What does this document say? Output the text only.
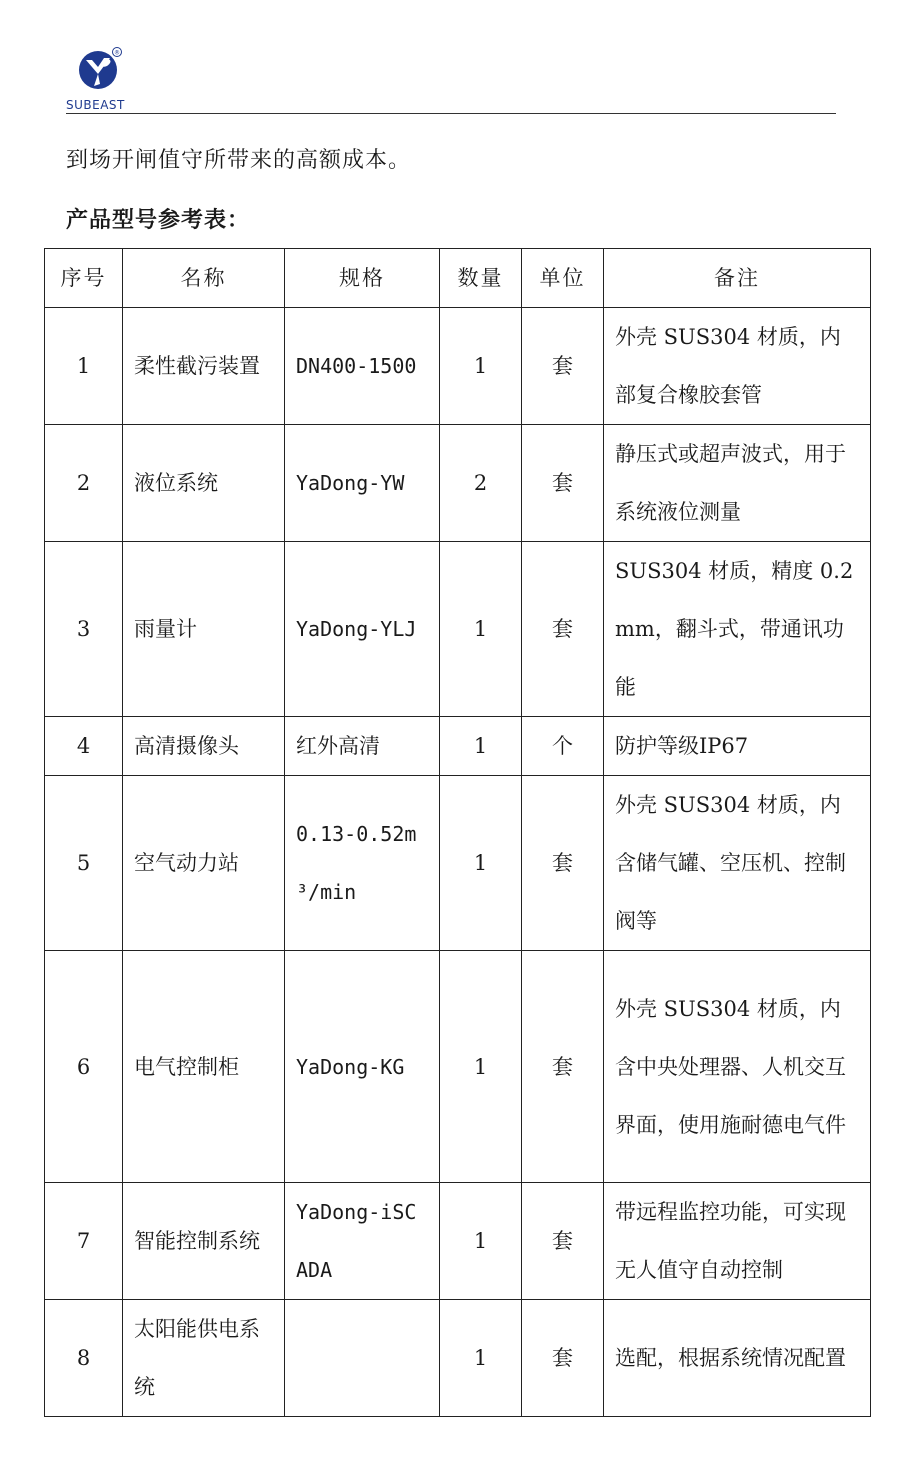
®
SUBEAST
到场开闸值守所带来的高额成本。
产品型号参考表：
序号	名称	规格	数量	单位	备注
1	柔性截污装置	DN400-1500	1	套	外壳 SUS304 材质，内部复合橡胶套管
2	液位系统	YaDong-YW	2	套	静压式或超声波式，用于系统液位测量
3	雨量计	YaDong-YLJ	1	套	SUS304 材质，精度 0.2mm，翻斗式，带通讯功能
4	高清摄像头	红外高清	1	个	防护等级IP67
5	空气动力站	0.13-0.52m³/min	1	套	外壳 SUS304 材质，内含储气罐、空压机、控制阀等
6	电气控制柜	YaDong-KG	1	套	外壳 SUS304 材质，内含中央处理器、人机交互界面，使用施耐德电气件
7	智能控制系统	YaDong-iSCADA	1	套	带远程监控功能，可实现无人值守自动控制
8	太阳能供电系统		1	套	选配，根据系统情况配置
